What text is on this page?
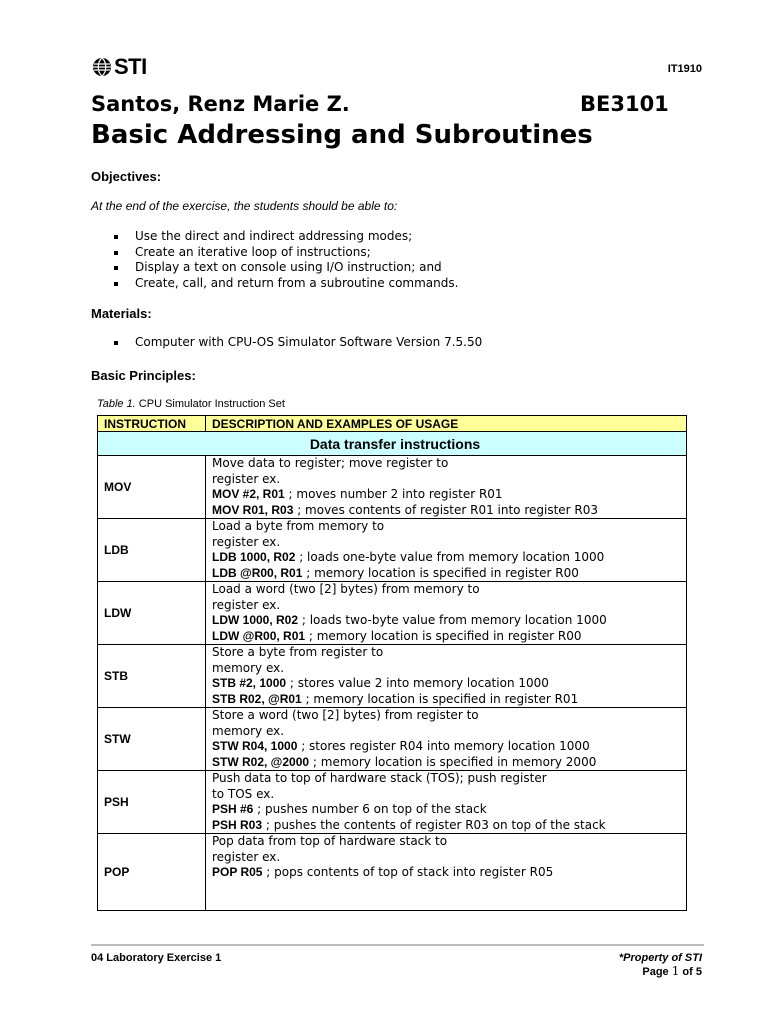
STI	IT1910
Santos, Renz Marie Z.	BE3101
Basic Addressing and Subroutines
Objectives:
At the end of the exercise, the students should be able to:
Use the direct and indirect addressing modes;
Create an iterative loop of instructions;
Display a text on console using I/O instruction; and
Create, call, and return from a subroutine commands.
Materials:
Computer with CPU-OS Simulator Software Version 7.5.50
Basic Principles:
Table 1. CPU Simulator Instruction Set
INSTRUCTION	DESCRIPTION AND EXAMPLES OF USAGE
Data transfer instructions	
MOV	Move data to register; move register to
register ex.
MOV #2, R01 ; moves number 2 into register R01
MOV R01, R03 ; moves contents of register R01 into register R03

LDB	Load a byte from memory to
register ex.
LDB 1000, R02 ; loads one-byte value from memory location 1000
LDB @R00, R01 ; memory location is specified in register R00

LDW	Load a word (two [2] bytes) from memory to
register ex.
LDW 1000, R02 ; loads two-byte value from memory location 1000
LDW @R00, R01 ; memory location is specified in register R00

STB	Store a byte from register to
memory ex.
STB #2, 1000 ; stores value 2 into memory location 1000
STB R02, @R01 ; memory location is specified in register R01

STW	Store a word (two [2] bytes) from register to
memory ex.
STW R04, 1000 ; stores register R04 into memory location 1000
STW R02, @2000 ; memory location is specified in memory 2000

PSH	Push data to top of hardware stack (TOS); push register
to TOS ex.
PSH #6 ; pushes number 6 on top of the stack
PSH R03 ; pushes the contents of register R03 on top of the stack

POP	Pop data from top of hardware stack to
register ex.
POP R05 ; pops contents of top of stack into register R05
04 Laboratory Exercise 1	*Property of STI
Page 1 of 5
